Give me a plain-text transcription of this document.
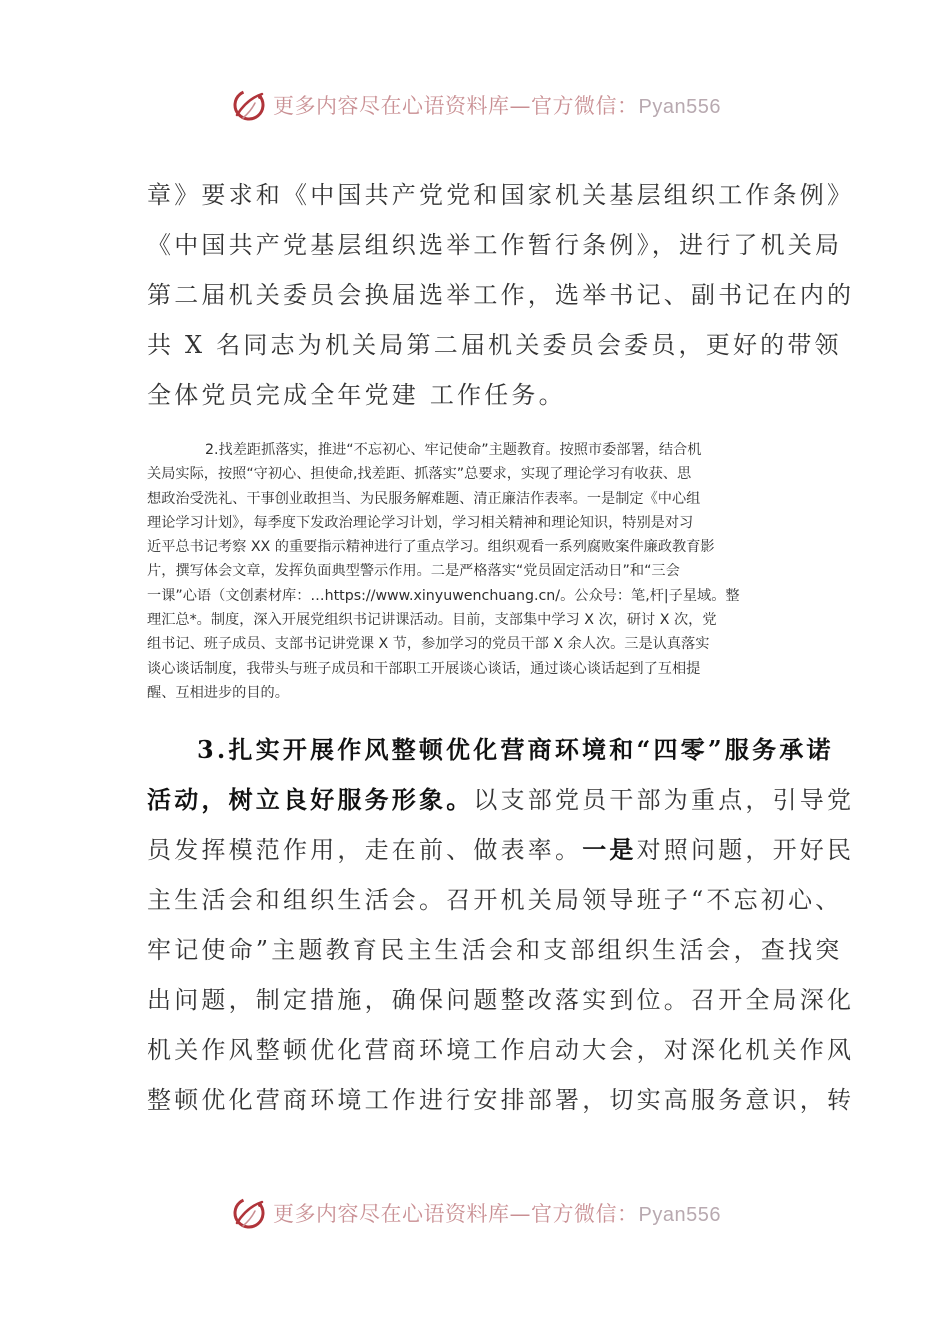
更多内容尽在心语资料库—官方微信：Pyan556
章》要求和《中国共产党党和国家机关基层组织工作条例》
《中国共产党基层组织选举工作暂行条例》，进行了机关局
第二届机关委员会换届选举工作，选举书记、副书记在内的
共 X 名同志为机关局第二届机关委员会委员，更好的带领
全体党员完成全年党建 工作任务。
2.找差距抓落实，推进“不忘初心、牢记使命”主题教育。按照市委部署，结合机
关局实际，按照“守初心、担使命,找差距、抓落实”总要求，实现了理论学习有收获、思
想政治受洗礼、干事创业敢担当、为民服务解难题、清正廉洁作表率。一是制定《中心组
理论学习计划》，每季度下发政治理论学习计划，学习相关精神和理论知识，特别是对习
近平总书记考察 XX 的重要指示精神进行了重点学习。组织观看一系列腐败案件廉政教育影
片，撰写体会文章，发挥负面典型警示作用。二是严格落实“党员固定活动日”和“三会
一课”心语（文创素材库：…https://www.xinyuwenchuang.cn/。公众号：笔,杆|子星域。整
理汇总*。制度，深入开展党组织书记讲课活动。目前，支部集中学习 X 次，研讨 X 次，党
组书记、班子成员、支部书记讲党课 X 节，参加学习的党员干部 X 余人次。三是认真落实
谈心谈话制度，我带头与班子成员和干部职工开展谈心谈话，通过谈心谈话起到了互相提
醒、互相进步的目的。
3.扎实开展作风整顿优化营商环境和“四零”服务承诺
活动，树立良好服务形象。以支部党员干部为重点，引导党
员发挥模范作用，走在前、做表率。一是对照问题，开好民
主生活会和组织生活会。召开机关局领导班子“不忘初心、
牢记使命”主题教育民主生活会和支部组织生活会，查找突
出问题，制定措施，确保问题整改落实到位。召开全局深化
机关作风整顿优化营商环境工作启动大会，对深化机关作风
整顿优化营商环境工作进行安排部署，切实高服务意识，转
更多内容尽在心语资料库—官方微信：Pyan556
